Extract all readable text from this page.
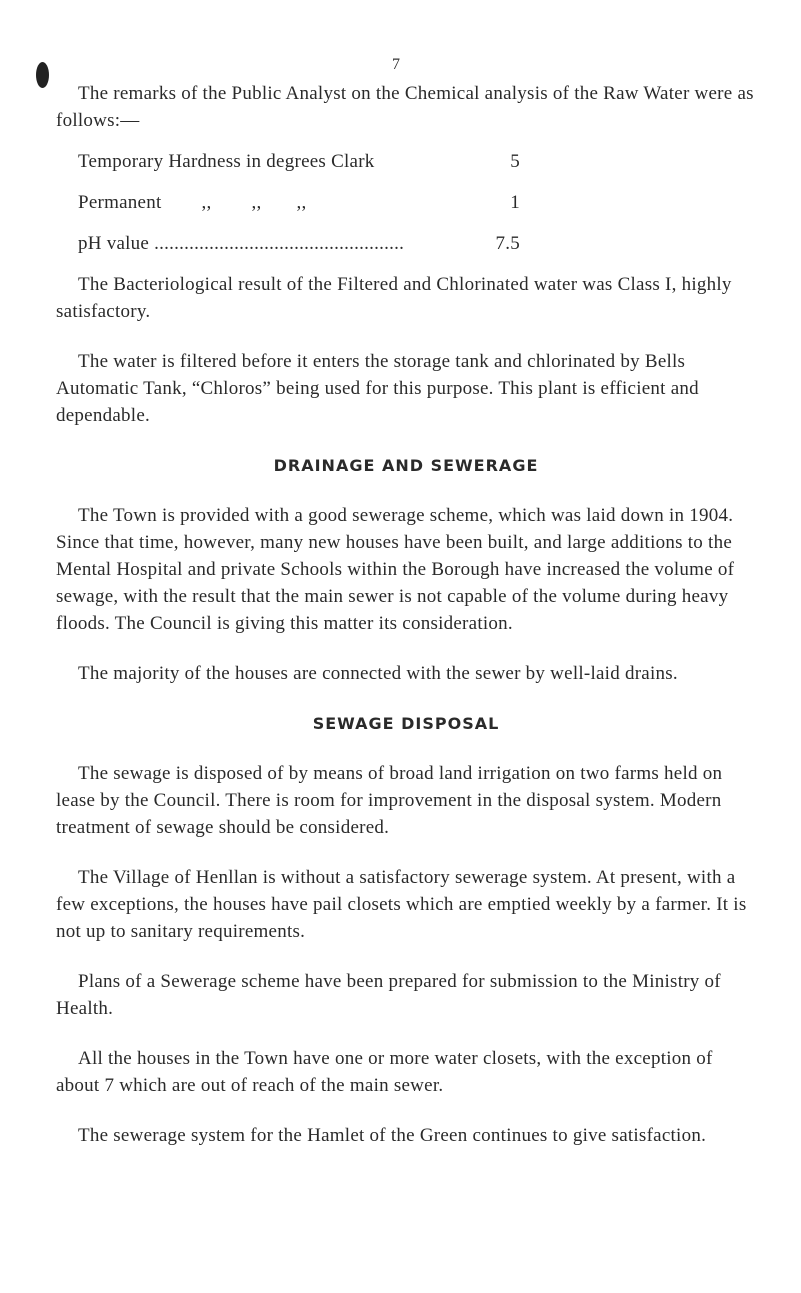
7

The remarks of the Public Analyst on the Chemical analysis of the Raw Water were as follows:—

Temporary Hardness in degrees Clark	5
Permanent        ,,        ,,       ,,	1
pH value ..................................................	7.5

The Bacteriological result of the Filtered and Chlorinated water was Class I, highly satisfactory.

The water is filtered before it enters the storage tank and chlorinated by Bells Automatic Tank, “Chloros” being used for this purpose. This plant is efficient and dependable.

DRAINAGE AND SEWERAGE

The Town is provided with a good sewerage scheme, which was laid down in 1904. Since that time, however, many new houses have been built, and large additions to the Mental Hospital and private Schools within the Borough have increased the volume of sewage, with the result that the main sewer is not capable of the volume during heavy floods. The Council is giving this matter its consideration.

The majority of the houses are connected with the sewer by well-laid drains.

SEWAGE DISPOSAL

The sewage is disposed of by means of broad land irrigation on two farms held on lease by the Council. There is room for improvement in the disposal system. Modern treatment of sewage should be considered.

The Village of Henllan is without a satisfactory sewerage system. At present, with a few exceptions, the houses have pail closets which are emptied weekly by a farmer. It is not up to sanitary requirements.

Plans of a Sewerage scheme have been prepared for submission to the Ministry of Health.

All the houses in the Town have one or more water closets, with the exception of about 7 which are out of reach of the main sewer.

The sewerage system for the Hamlet of the Green continues to give satisfaction.
